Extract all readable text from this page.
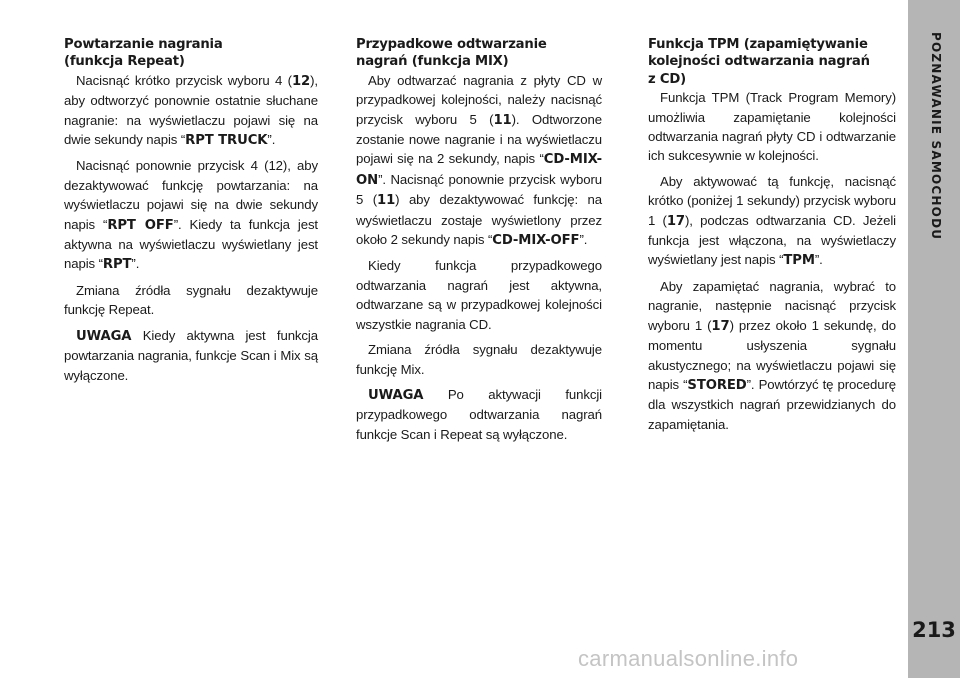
POZNAWANIE SAMOCHODU
213
Powtarzanie nagrania
(funkcja Repeat)

Nacisnąć krótko przycisk wyboru 4 (12), aby odtworzyć ponownie ostatnie słuchane nagranie: na wyświetlaczu pojawi się na dwie sekundy napis “RPT TRUCK”.

Nacisnąć ponownie przycisk 4 (12), aby dezaktywować funkcję powtarzania: na wyświetlaczu pojawi się na dwie sekundy napis “RPT OFF”. Kiedy ta funkcja jest aktywna na wyświetlaczu wyświetlany jest napis “RPT”.

Zmiana źródła sygnału dezaktywuje funkcję Repeat.

UWAGA Kiedy aktywna jest funkcja powtarzania nagrania, funkcje Scan i Mix są wyłączone.

Przypadkowe odtwarzanie
nagrań (funkcja MIX)

Aby odtwarzać nagrania z płyty CD w przypadkowej kolejności, należy nacisnąć przycisk wyboru 5 (11). Odtworzone zostanie nowe nagranie i na wyświetlaczu pojawi się na 2 sekundy, napis “CD-MIX-ON”. Nacisnąć ponownie przycisk wyboru 5 (11) aby dezaktywować funkcję: na wyświetlaczu zostaje wyświetlony przez około 2 sekundy napis “CD-MIX-OFF”.

Kiedy funkcja przypadkowego odtwarzania nagrań jest aktywna, odtwarzane są w przypadkowej kolejności wszystkie nagrania CD.

Zmiana źródła sygnału dezaktywuje funkcję Mix.

UWAGA Po aktywacji funkcji przypadkowego odtwarzania nagrań funkcje Scan i Repeat są wyłączone.

Funkcja TPM (zapamiętywanie
kolejności odtwarzania nagrań
z CD)

Funkcja TPM (Track Program Memory) umożliwia zapamiętanie kolejności odtwarzania nagrań płyty CD i odtwarzanie ich sukcesywnie w kolejności.

Aby aktywować tą funkcję, nacisnąć krótko (poniżej 1 sekundy) przycisk wyboru 1 (17), podczas odtwarzania CD. Jeżeli funkcja jest włączona, na wyświetlaczy wyświetlany jest napis “TPM”.

Aby zapamiętać nagrania, wybrać to nagranie, następnie nacisnąć przycisk wyboru 1 (17) przez około 1 sekundę, do momentu usłyszenia sygnału akustycznego; na wyświetlaczu pojawi się napis “STORED”. Powtórzyć tę procedurę dla wszystkich nagrań przewidzianych do zapamiętania.

carmanualsonline.info
